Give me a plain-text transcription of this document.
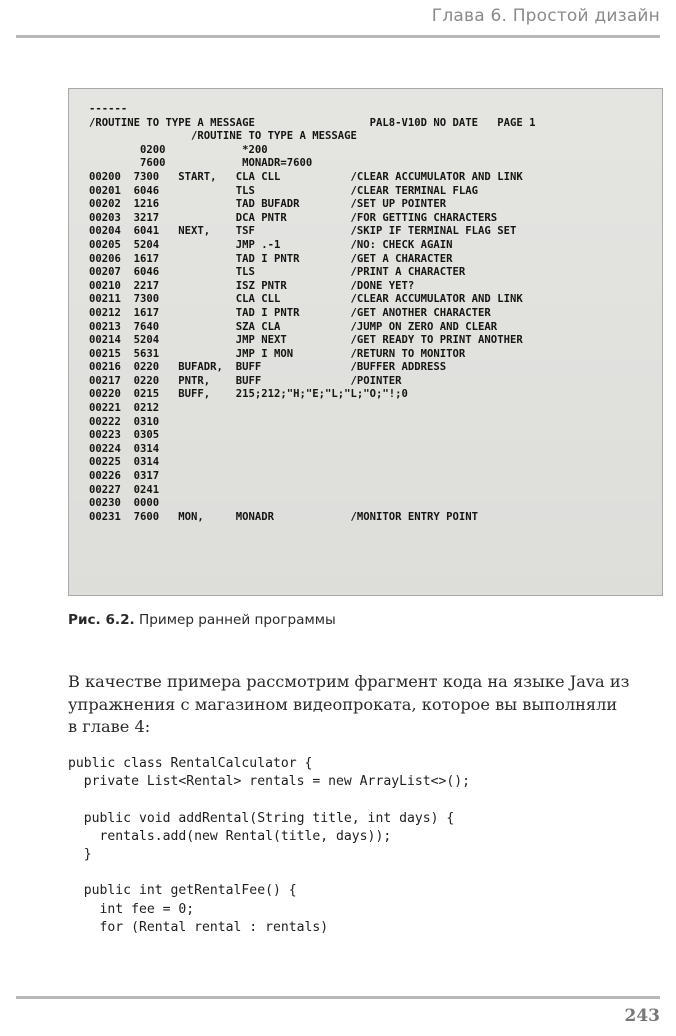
Глава 6. Простой дизайн
------
/ROUTINE TO TYPE A MESSAGE                  PAL8-V10D NO DATE   PAGE 1
/ROUTINE TO TYPE A MESSAGE
0200            *200
7600            MONADR=7600
00200  7300   START,   CLA CLL           /CLEAR ACCUMULATOR AND LINK
00201  6046            TLS               /CLEAR TERMINAL FLAG
00202  1216            TAD BUFADR        /SET UP POINTER
00203  3217            DCA PNTR          /FOR GETTING CHARACTERS
00204  6041   NEXT,    TSF               /SKIP IF TERMINAL FLAG SET
00205  5204            JMP .-1           /NO: CHECK AGAIN
00206  1617            TAD I PNTR        /GET A CHARACTER
00207  6046            TLS               /PRINT A CHARACTER
00210  2217            ISZ PNTR          /DONE YET?
00211  7300            CLA CLL           /CLEAR ACCUMULATOR AND LINK
00212  1617            TAD I PNTR        /GET ANOTHER CHARACTER
00213  7640            SZA CLA           /JUMP ON ZERO AND CLEAR
00214  5204            JMP NEXT          /GET READY TO PRINT ANOTHER
00215  5631            JMP I MON         /RETURN TO MONITOR
00216  0220   BUFADR,  BUFF              /BUFFER ADDRESS
00217  0220   PNTR,    BUFF              /POINTER
00220  0215   BUFF,    215;212;"H;"E;"L;"L;"O;"!;0
00221  0212
00222  0310
00223  0305
00224  0314
00225  0314
00226  0317
00227  0241
00230  0000
00231  7600   MON,     MONADR            /MONITOR ENTRY POINT
Рис. 6.2. Пример ранней программы
В качестве примера рассмотрим фрагмент кода на языке Java из
упражнения с магазином видеопроката, которое вы выполняли
в главе 4:
public class RentalCalculator {
private List<Rental> rentals = new ArrayList<>();
public void addRental(String title, int days) {
rentals.add(new Rental(title, days));
}
public int getRentalFee() {
int fee = 0;
for (Rental rental : rentals)
243
